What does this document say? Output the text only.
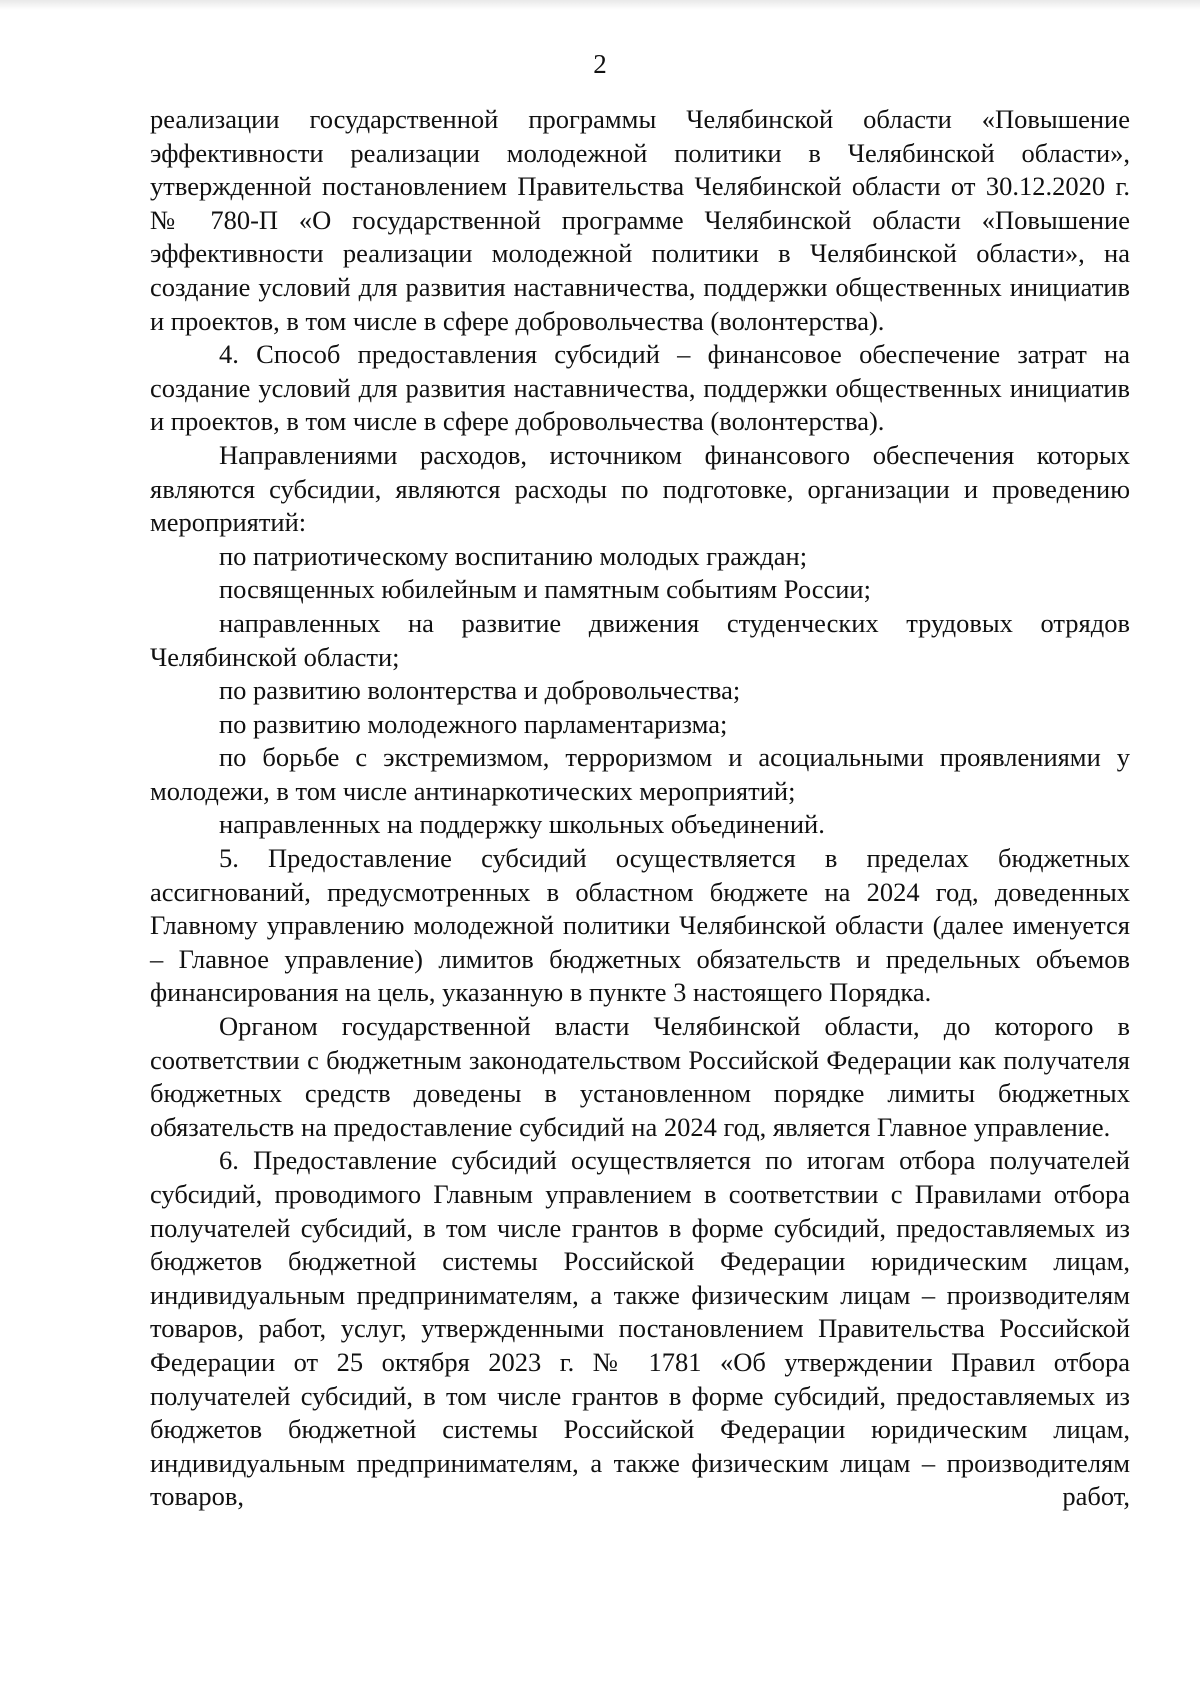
2

реализации государственной программы Челябинской области «Повышение эффективности реализации молодежной политики в Челябинской области», утвержденной постановлением Правительства Челябинской области от 30.12.2020 г. № 780-П «О государственной программе Челябинской области «Повышение эффективности реализации молодежной политики в Челябинской области», на создание условий для развития наставничества, поддержки общественных инициатив и проектов, в том числе в сфере добровольчества (волонтерства).

4. Способ предоставления субсидий – финансовое обеспечение затрат на создание условий для развития наставничества, поддержки общественных инициатив и проектов, в том числе в сфере добровольчества (волонтерства).

Направлениями расходов, источником финансового обеспечения которых являются субсидии, являются расходы по подготовке, организации и проведению мероприятий:

по патриотическому воспитанию молодых граждан;

посвященных юбилейным и памятным событиям России;

направленных на развитие движения студенческих трудовых отрядов Челябинской области;

по развитию волонтерства и добровольчества;

по развитию молодежного парламентаризма;

по борьбе с экстремизмом, терроризмом и асоциальными проявлениями у молодежи, в том числе антинаркотических мероприятий;

направленных на поддержку школьных объединений.

5. Предоставление субсидий осуществляется в пределах бюджетных ассигнований, предусмотренных в областном бюджете на 2024 год, доведенных Главному управлению молодежной политики Челябинской области (далее именуется – Главное управление) лимитов бюджетных обязательств и предельных объемов финансирования на цель, указанную в пункте 3 настоящего Порядка.

Органом государственной власти Челябинской области, до которого в соответствии с бюджетным законодательством Российской Федерации как получателя бюджетных средств доведены в установленном порядке лимиты бюджетных обязательств на предоставление субсидий на 2024 год, является Главное управление.

6. Предоставление субсидий осуществляется по итогам отбора получателей субсидий, проводимого Главным управлением в соответствии с Правилами отбора получателей субсидий, в том числе грантов в форме субсидий, предоставляемых из бюджетов бюджетной системы Российской Федерации юридическим лицам, индивидуальным предпринимателям, а также физическим лицам – производителям товаров, работ, услуг, утвержденными постановлением Правительства Российской Федерации от 25 октября 2023 г. № 1781 «Об утверждении Правил отбора получателей субсидий, в том числе грантов в форме субсидий, предоставляемых из бюджетов бюджетной системы Российской Федерации юридическим лицам, индивидуальным предпринимателям, а также физическим лицам – производителям товаров, работ,
